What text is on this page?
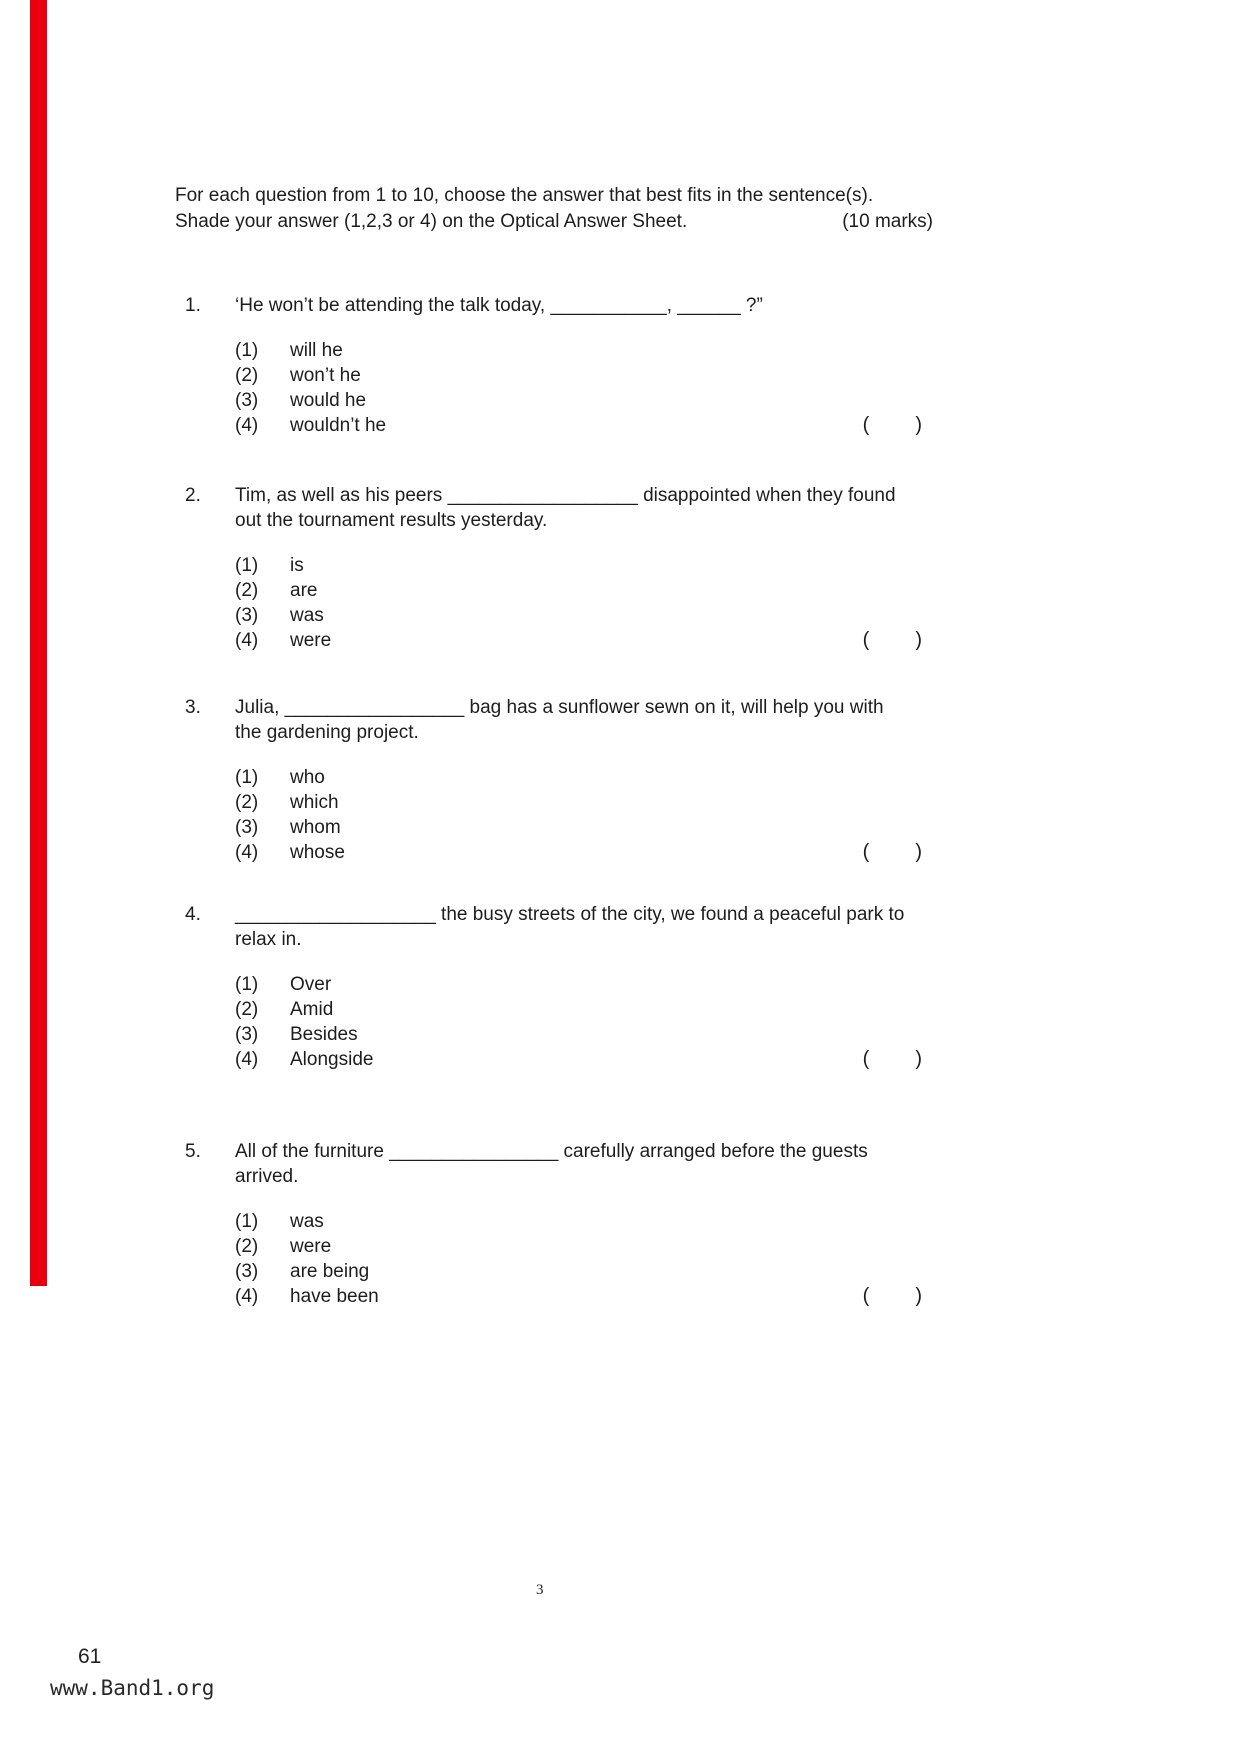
For each question from 1 to 10, choose the answer that best fits in the sentence(s).
Shade your answer (1,2,3 or 4) on the Optical Answer Sheet.	(10 marks)
1.	‘He won’t be attending the talk today, ___________, ______ ?”
(1)	will he
(2)	won’t he
(3)	would he
(4)	wouldn’t he	( )
2.	Tim, as well as his peers __________________ disappointed when they found
out the tournament results yesterday.
(1)	is
(2)	are
(3)	was
(4)	were	( )
3.	Julia, _________________ bag has a sunflower sewn on it, will help you with
the gardening project.
(1)	who
(2)	which
(3)	whom
(4)	whose	( )
4.	___________________ the busy streets of the city, we found a peaceful park to
relax in.
(1)	Over
(2)	Amid
(3)	Besides
(4)	Alongside	( )
5.	All of the furniture ________________ carefully arranged before the guests
arrived.
(1)	was
(2)	were
(3)	are being
(4)	have been	( )
3
61
www.Band1.org
